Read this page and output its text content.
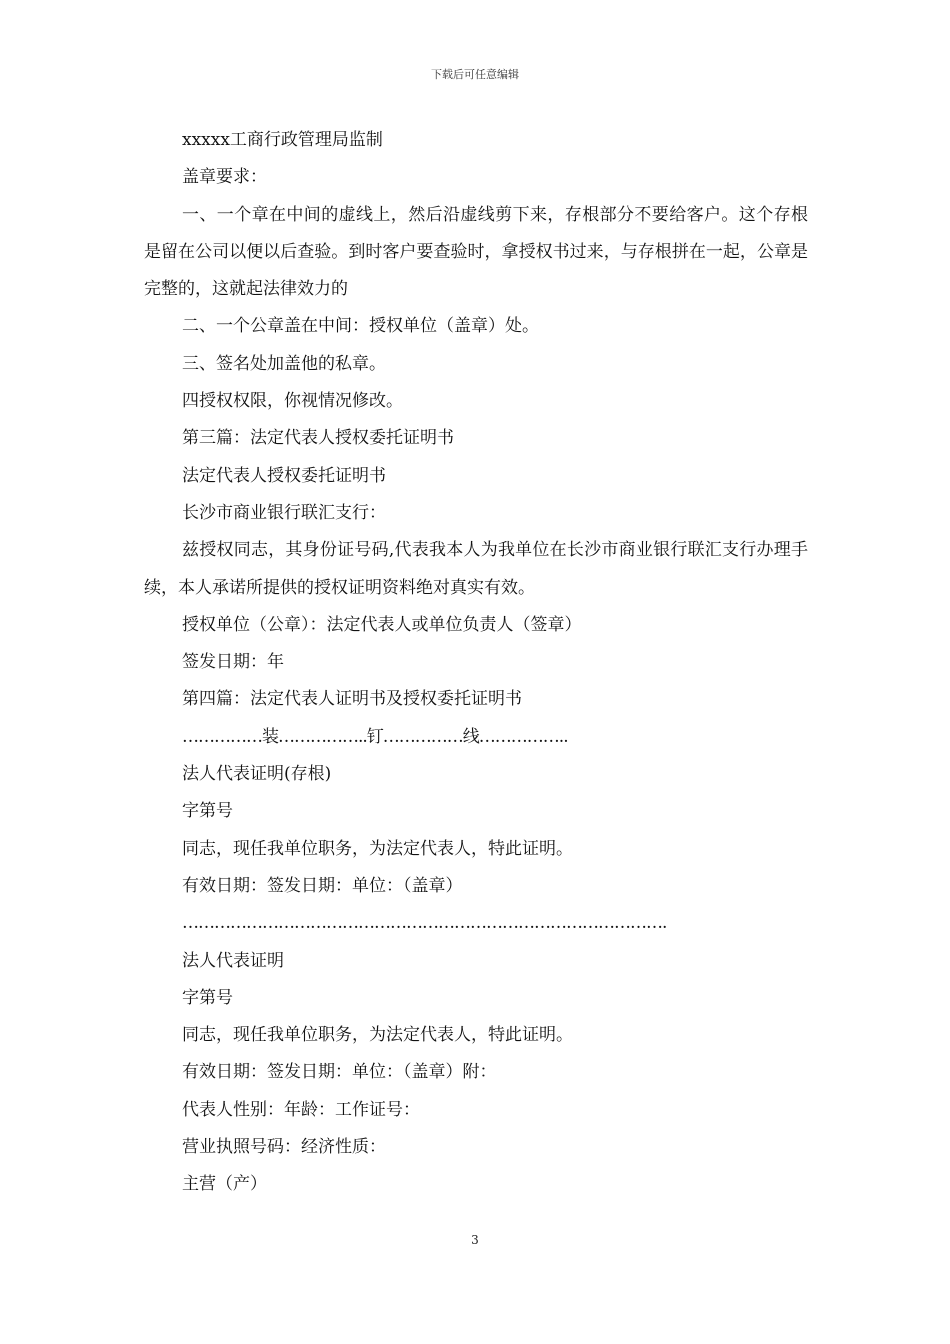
下载后可任意编辑

xxxxx工商行政管理局监制

盖章要求：

一、一个章在中间的虚线上，然后沿虚线剪下来，存根部分不要给客户。这个存根是留在公司以便以后查验。到时客户要查验时，拿授权书过来，与存根拼在一起，公章是完整的，这就起法律效力的

二、一个公章盖在中间：授权单位（盖章）处。

三、签名处加盖他的私章。

四授权权限，你视情况修改。

第三篇：法定代表人授权委托证明书

法定代表人授权委托证明书

长沙市商业银行联汇支行：

兹授权同志，其身份证号码,代表我本人为我单位在长沙市商业银行联汇支行办理手续，本人承诺所提供的授权证明资料绝对真实有效。

授权单位（公章）：法定代表人或单位负责人（签章）

签发日期：年

第四篇：法定代表人证明书及授权委托证明书

……………装……………..钉……………线……………..

法人代表证明(存根)

字第号

同志，现任我单位职务，为法定代表人，特此证明。

有效日期：签发日期：单位：（盖章）

……………………………………………………………………………….

法人代表证明

字第号

同志，现任我单位职务，为法定代表人，特此证明。

有效日期：签发日期：单位：（盖章）附：

代表人性别：年龄：工作证号：

营业执照号码：经济性质：

主营（产）

3
